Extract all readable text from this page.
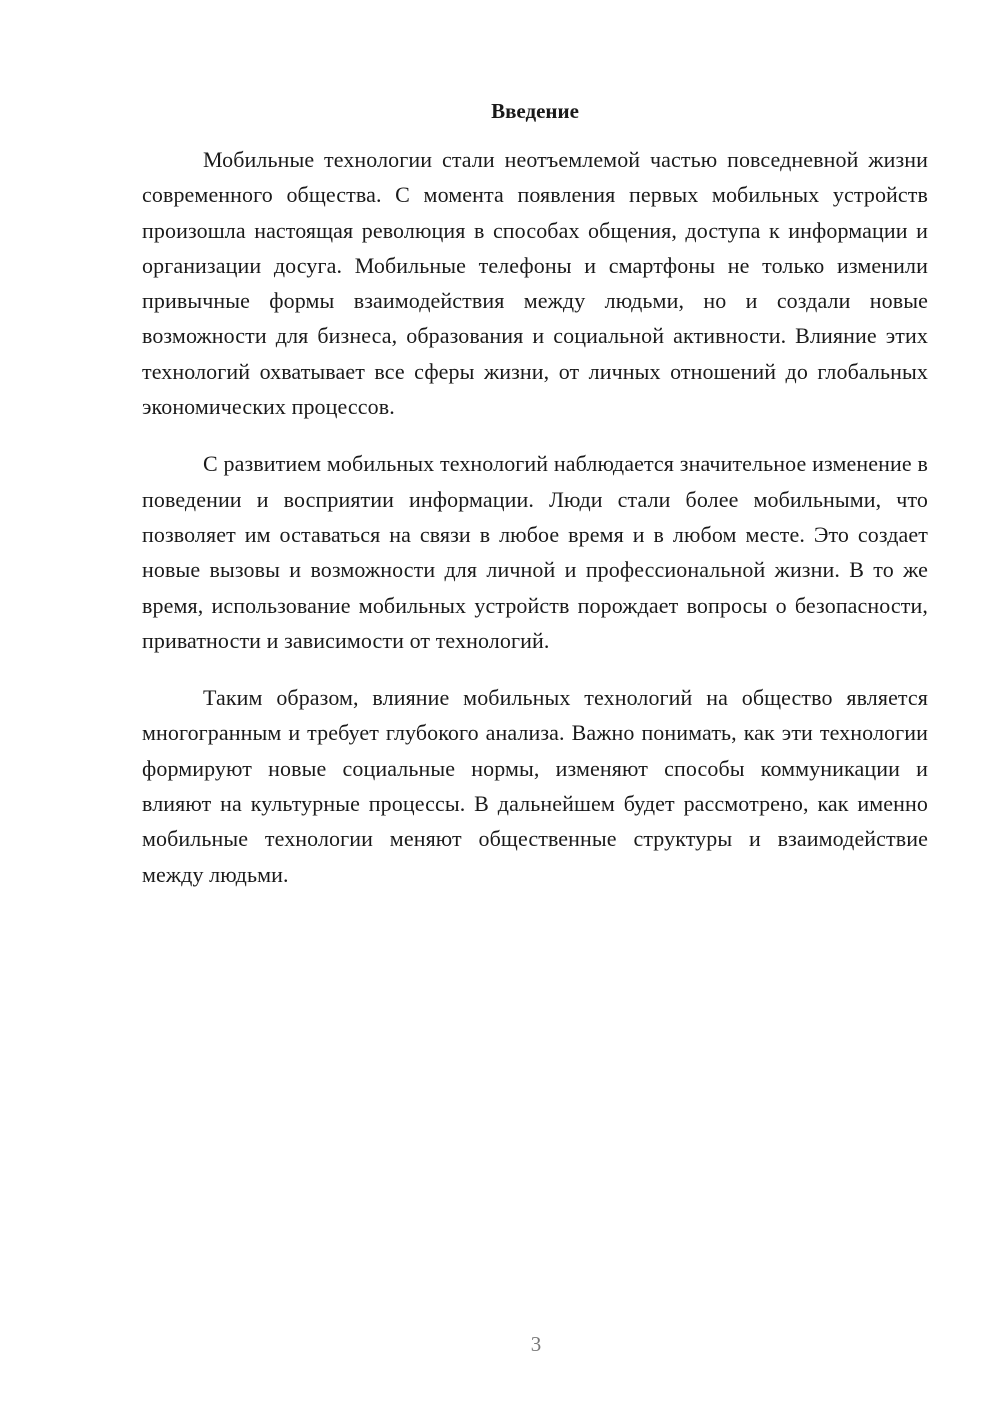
Введение

Мобильные технологии стали неотъемлемой частью повседневной жизни современного общества. С момента появления первых мобильных устройств произошла настоящая революция в способах общения, доступа к информации и организации досуга. Мобильные телефоны и смартфоны не только изменили привычные формы взаимодействия между людьми, но и создали новые возможности для бизнеса, образования и социальной активности. Влияние этих технологий охватывает все сферы жизни, от личных отношений до глобальных экономических процессов.

С развитием мобильных технологий наблюдается значительное изменение в поведении и восприятии информации. Люди стали более мобильными, что позволяет им оставаться на связи в любое время и в любом месте. Это создает новые вызовы и возможности для личной и профессиональной жизни. В то же время, использование мобильных устройств порождает вопросы о безопасности, приватности и зависимости от технологий.

Таким образом, влияние мобильных технологий на общество является многогранным и требует глубокого анализа. Важно понимать, как эти технологии формируют новые социальные нормы, изменяют способы коммуникации и влияют на культурные процессы. В дальнейшем будет рассмотрено, как именно мобильные технологии меняют общественные структуры и взаимодействие между людьми.

3
